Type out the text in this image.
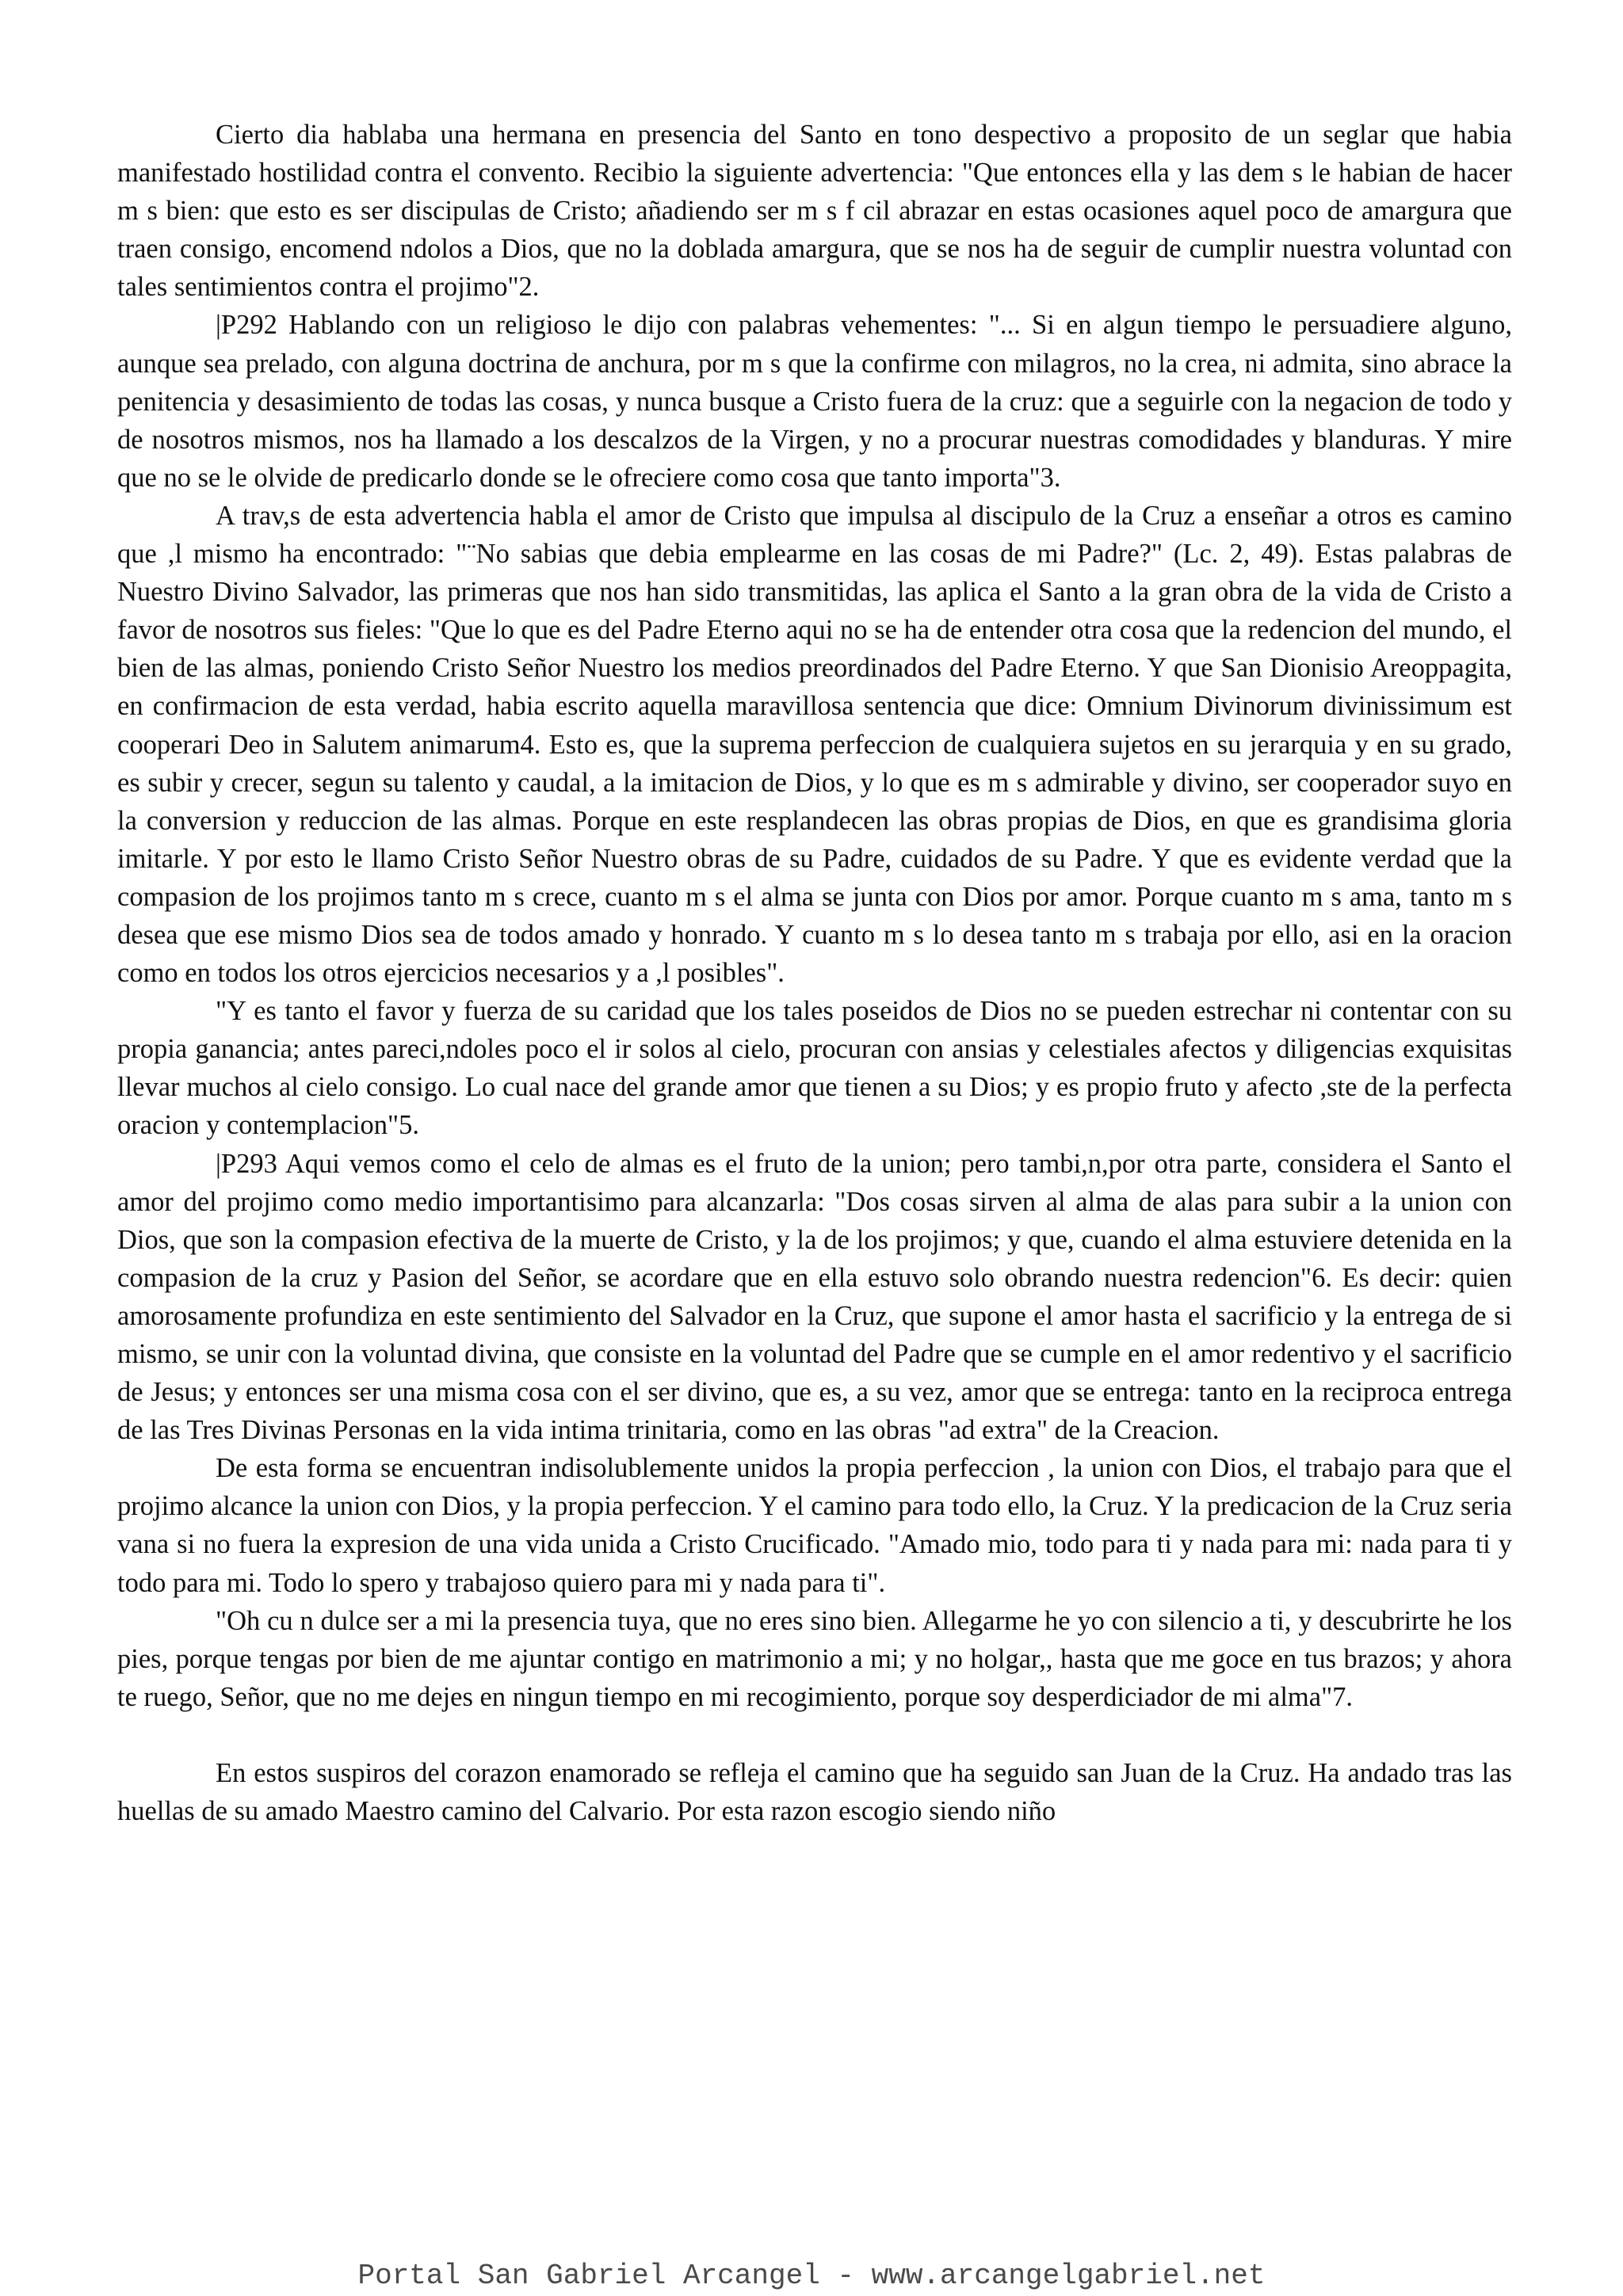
Cierto dia hablaba una hermana en presencia del Santo en tono despectivo a proposito de un seglar que habia manifestado hostilidad contra el convento. Recibio la siguiente advertencia: "Que entonces ella y las dem s le habian de hacer m s bien: que esto es ser discipulas de Cristo; añadiendo ser m s f cil abrazar en estas ocasiones aquel poco de amargura que traen consigo, encomend ndolos a Dios, que no la doblada amargura, que se nos ha de seguir de cumplir nuestra voluntad con tales sentimientos contra el projimo"2.

|P292 Hablando con un religioso le dijo con palabras vehementes: "... Si en algun tiempo le persuadiere alguno, aunque sea prelado, con alguna doctrina de anchura, por m s que la confirme con milagros, no la crea, ni admita, sino abrace la penitencia y desasimiento de todas las cosas, y nunca busque a Cristo fuera de la cruz: que a seguirle con la negacion de todo y de nosotros mismos, nos ha llamado a los descalzos de la Virgen, y no a procurar nuestras comodidades y blanduras. Y mire que no se le olvide de predicarlo donde se le ofreciere como cosa que tanto importa"3.

A trav,s de esta advertencia habla el amor de Cristo que impulsa al discipulo de la Cruz a enseñar a otros es camino que ,l mismo ha encontrado: "¨No sabias que debia emplearme en las cosas de mi Padre?" (Lc. 2, 49). Estas palabras de Nuestro Divino Salvador, las primeras que nos han sido transmitidas, las aplica el Santo a la gran obra de la vida de Cristo a favor de nosotros sus fieles: "Que lo que es del Padre Eterno aqui no se ha de entender otra cosa que la redencion del mundo, el bien de las almas, poniendo Cristo Señor Nuestro los medios preordinados del Padre Eterno. Y que San Dionisio Areoppagita, en confirmacion de esta verdad, habia escrito aquella maravillosa sentencia que dice: Omnium Divinorum divinissimum est cooperari Deo in Salutem animarum4. Esto es, que la suprema perfeccion de cualquiera sujetos en su jerarquia y en su grado, es subir y crecer, segun su talento y caudal, a la imitacion de Dios, y lo que es m s admirable y divino, ser cooperador suyo en la conversion y reduccion de las almas. Porque en este resplandecen las obras propias de Dios, en que es grandisima gloria imitarle. Y por esto le llamo Cristo Señor Nuestro obras de su Padre, cuidados de su Padre. Y que es evidente verdad que la compasion de los projimos tanto m s crece, cuanto m s el alma se junta con Dios por amor. Porque cuanto m s ama, tanto m s desea que ese mismo Dios sea de todos amado y honrado. Y cuanto m s lo desea tanto m s trabaja por ello, asi en la oracion como en todos los otros ejercicios necesarios y a ,l posibles".

"Y es tanto el favor y fuerza de su caridad que los tales poseidos de Dios no se pueden estrechar ni contentar con su propia ganancia; antes pareci,ndoles poco el ir solos al cielo, procuran con ansias y celestiales afectos y diligencias exquisitas llevar muchos al cielo consigo. Lo cual nace del grande amor que tienen a su Dios; y es propio fruto y afecto ,ste de la perfecta oracion y contemplacion"5.

|P293 Aqui vemos como el celo de almas es el fruto de la union; pero tambi,n,por otra parte, considera el Santo el amor del projimo como medio importantisimo para alcanzarla: "Dos cosas sirven al alma de alas para subir a la union con Dios, que son la compasion efectiva de la muerte de Cristo, y la de los projimos; y que, cuando el alma estuviere detenida en la compasion de la cruz y Pasion del Señor, se acordare que en ella estuvo solo obrando nuestra redencion"6. Es decir: quien amorosamente profundiza en este sentimiento del Salvador en la Cruz, que supone el amor hasta el sacrificio y la entrega de si mismo, se unir con la voluntad divina, que consiste en la voluntad del Padre que se cumple en el amor redentivo y el sacrificio de Jesus; y entonces ser una misma cosa con el ser divino, que es, a su vez, amor que se entrega: tanto en la reciproca entrega de las Tres Divinas Personas en la vida intima trinitaria, como en las obras "ad extra" de la Creacion.

De esta forma se encuentran indisolublemente unidos la propia perfeccion , la union con Dios, el trabajo para que el projimo alcance la union con Dios, y la propia perfeccion. Y el camino para todo ello, la Cruz. Y la predicacion de la Cruz seria vana si no fuera la expresion de una vida unida a Cristo Crucificado. "Amado mio, todo para ti y nada para mi: nada para ti y todo para mi. Todo lo spero y trabajoso quiero para mi y nada para ti".

"Oh cu n dulce ser a mi la presencia tuya, que no eres sino bien. Allegarme he yo con silencio a ti, y descubrirte he los pies, porque tengas por bien de me ajuntar contigo en matrimonio a mi; y no holgar,, hasta que me goce en tus brazos; y ahora te ruego, Señor, que no me dejes en ningun tiempo en mi recogimiento, porque soy desperdiciador de mi alma"7.

En estos suspiros del corazon enamorado se refleja el camino que ha seguido san Juan de la Cruz. Ha andado tras las huellas de su amado Maestro camino del Calvario. Por esta razon escogio siendo niño

Portal San Gabriel Arcangel - www.arcangelgabriel.net
